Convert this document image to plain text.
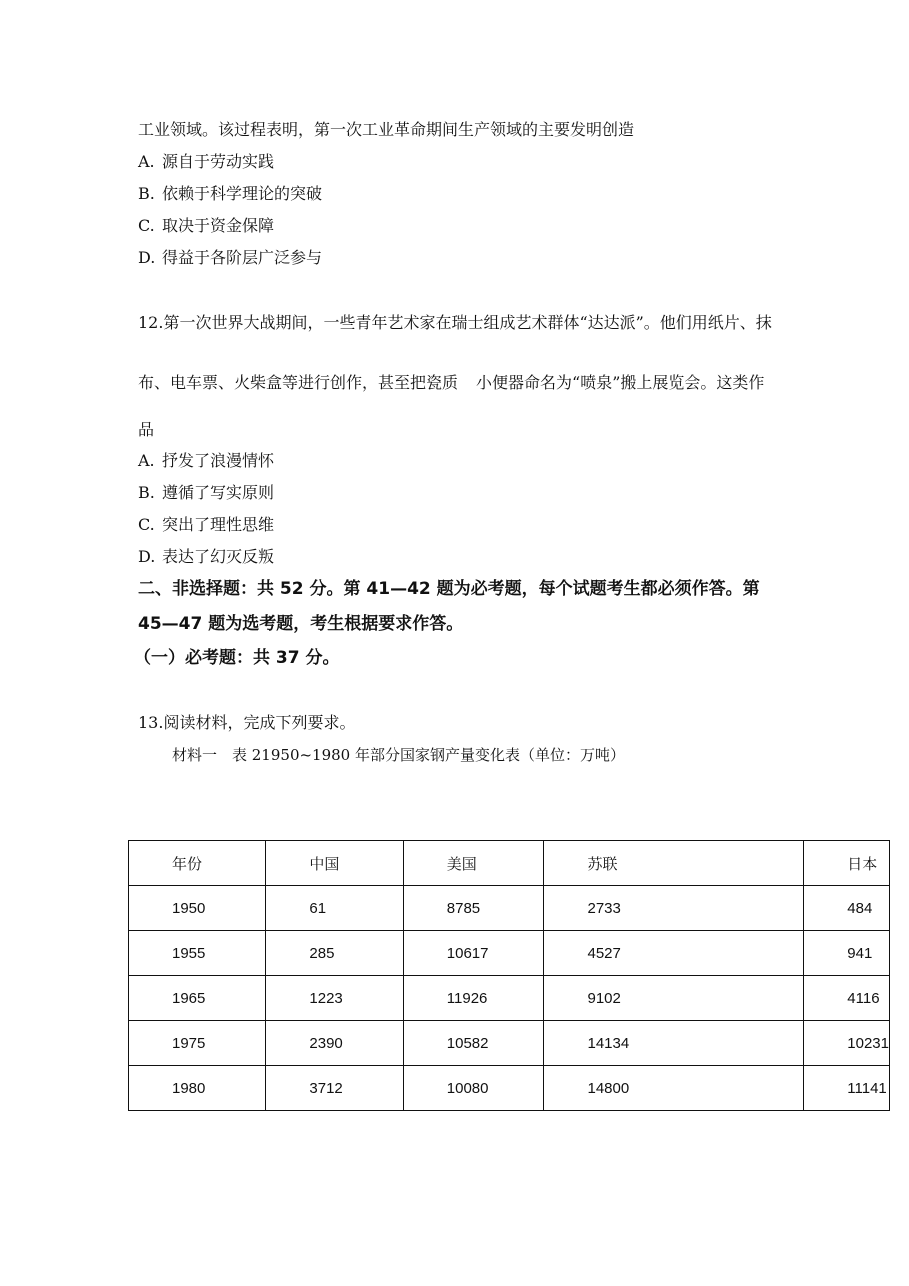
工业领域。该过程表明，第一次工业革命期间生产领域的主要发明创造
A. 源自于劳动实践
B. 依赖于科学理论的突破
C. 取决于资金保障
D. 得益于各阶层广泛参与
12.第一次世界大战期间，一些青年艺术家在瑞士组成艺术群体“达达派”。他们用纸片、抹
布、电车票、火柴盒等进行创作，甚至把瓷质 小便器命名为“喷泉”搬上展览会。这类作
品
A. 抒发了浪漫情怀
B. 遵循了写实原则
C. 突出了理性思维
D. 表达了幻灭反叛
二、非选择题：共 52 分。第 41—42 题为必考题，每个试题考生都必须作答。第
45—47 题为选考题，考生根据要求作答。
（一）必考题：共 37 分。
13.阅读材料，完成下列要求。
材料一　表 21950~1980 年部分国家钢产量变化表（单位：万吨）
年份	中国	美国	苏联	日本
1950	61	8785	2733	484
1955	285	10617	4527	941
1965	1223	11926	9102	4116
1975	2390	10582	14134	10231
1980	3712	10080	14800	11141
